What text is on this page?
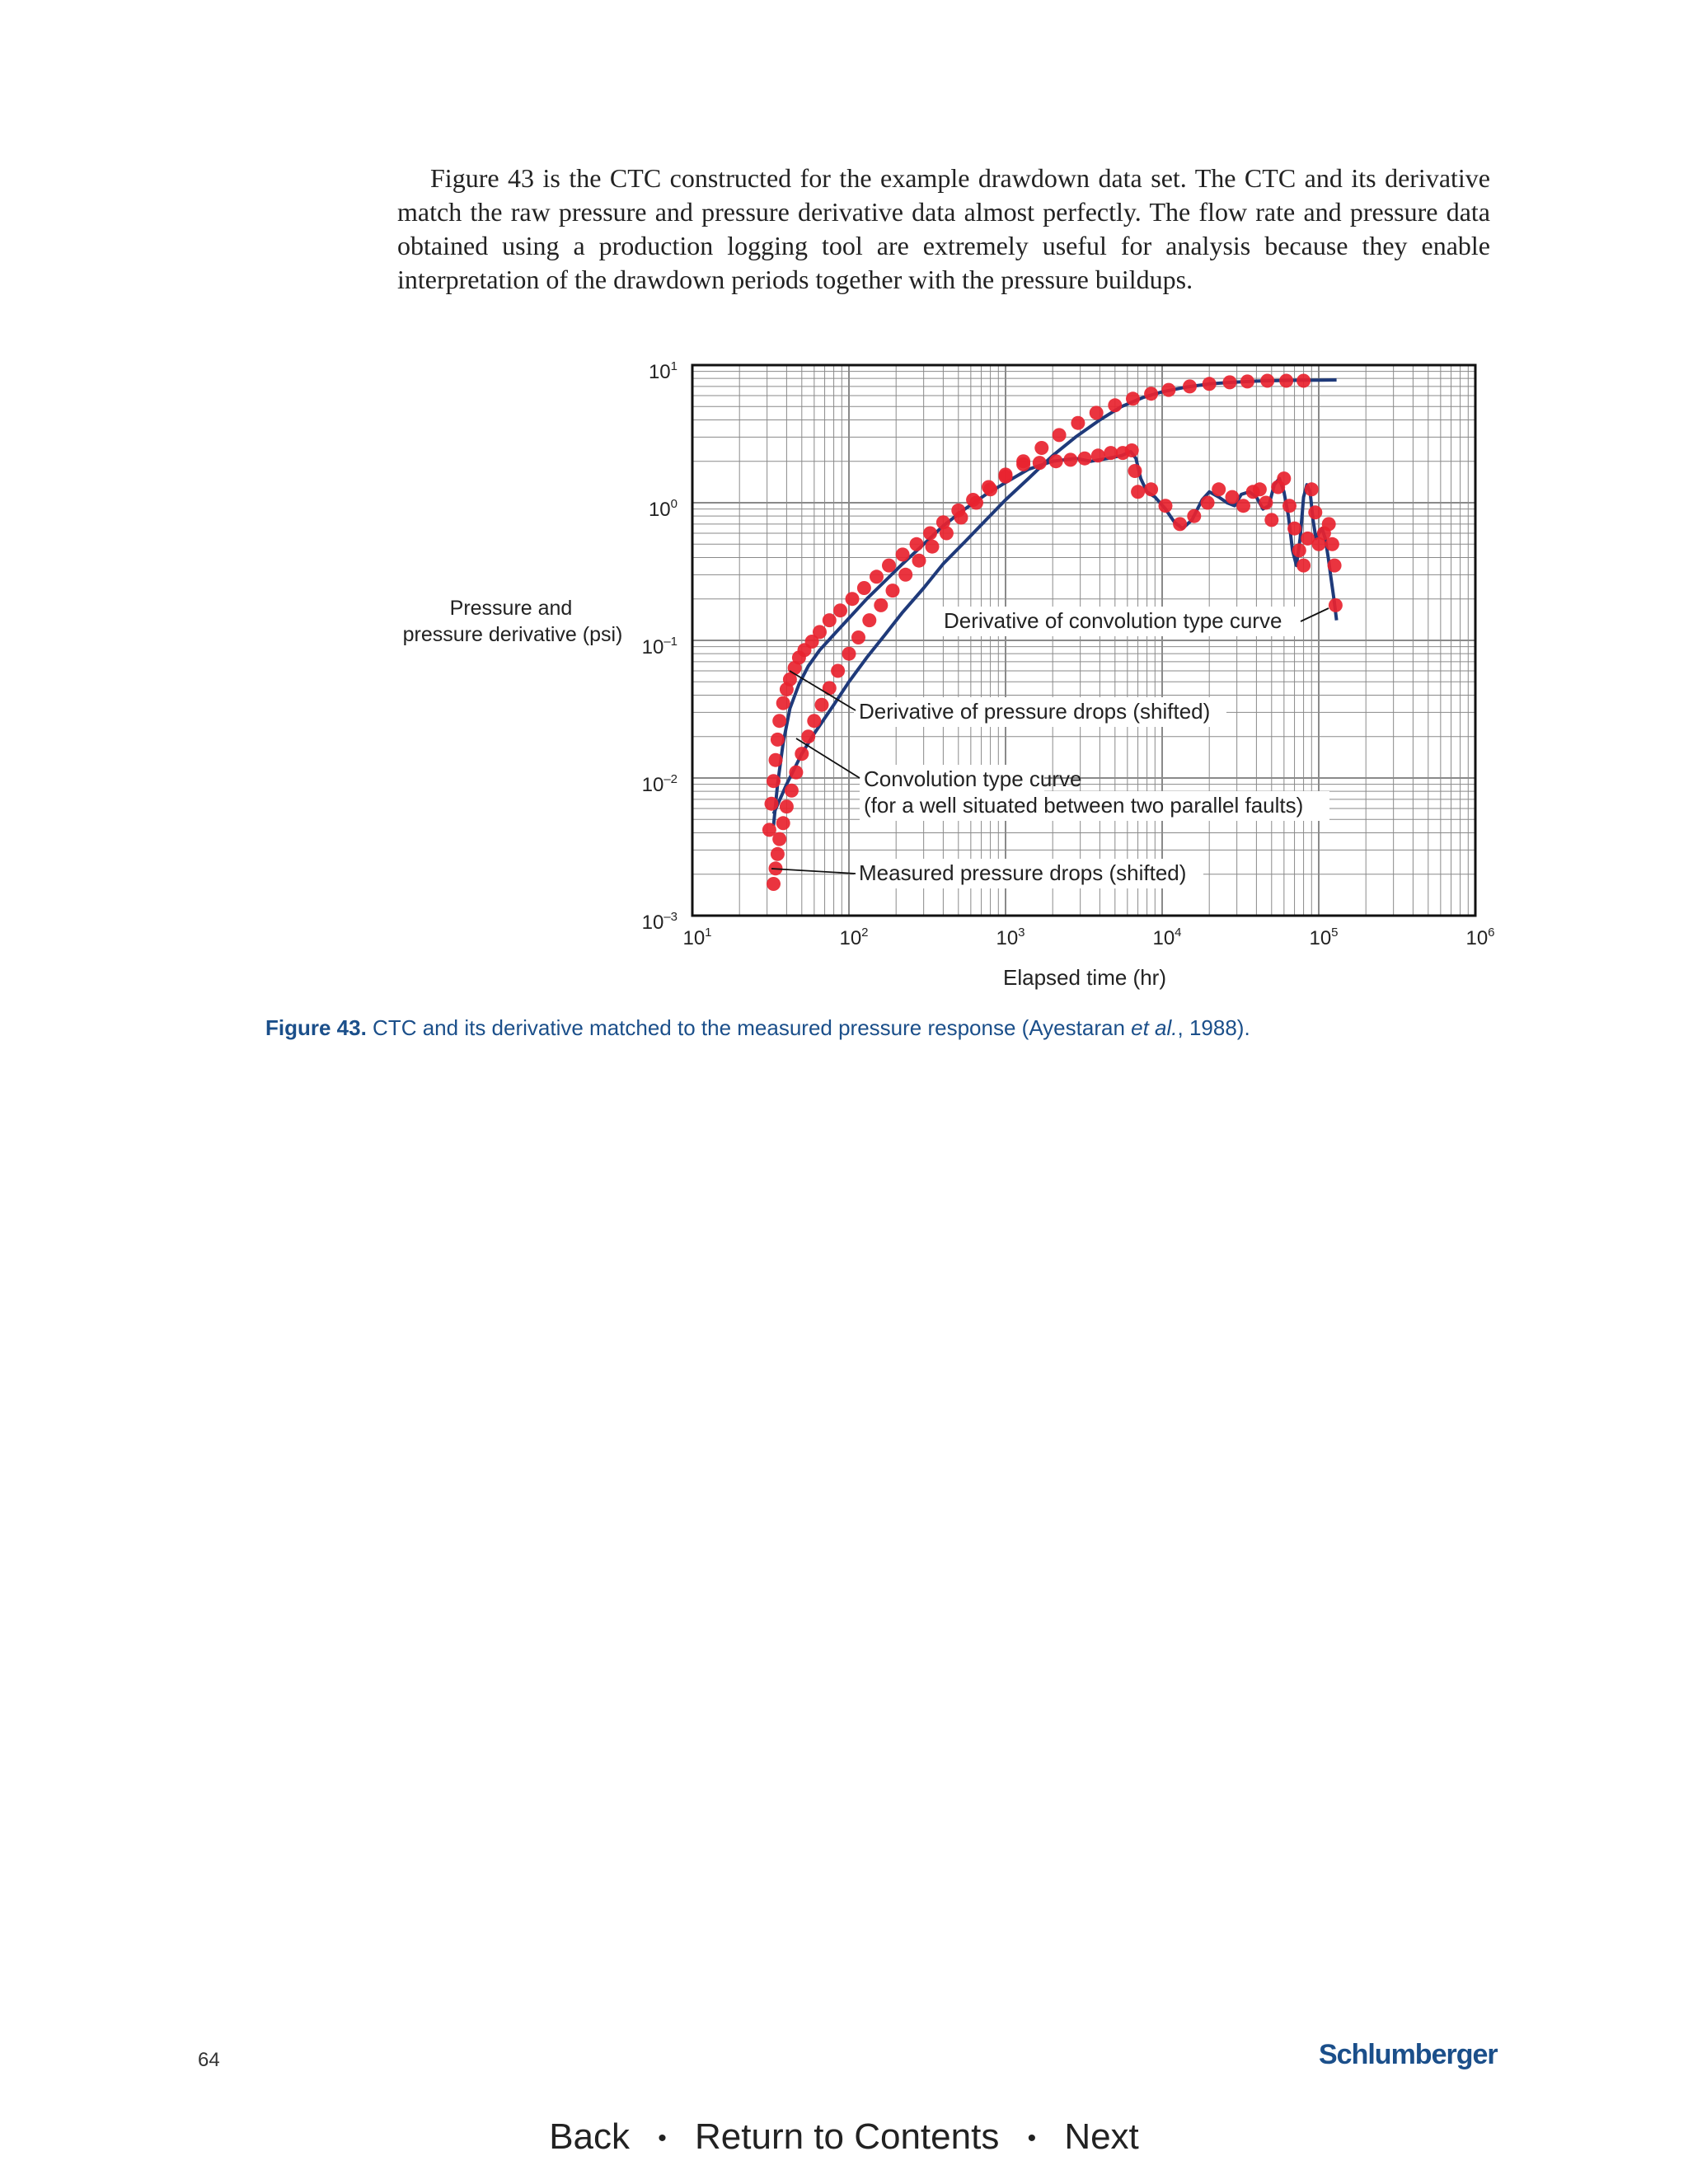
Figure 43 is the CTC constructed for the example drawdown data set. The CTC and its derivative match the raw pressure and pressure derivative data almost perfectly. The flow rate and pressure data obtained using a production logging tool are extremely useful for analysis because they enable interpretation of the drawdown periods together with the pressure buildups.

$10^1$
$10^0$
$10^{-1}$
$10^{-2}$
$10^{-3}$
$10^1$	$10^2$	$10^3$	$10^4$	$10^5$	$10^6$
Derivative of convolution type curve
Derivative of pressure drops (shifted)
Convolution type curve
(for a well situated between two parallel faults)
Measured pressure drops (shifted)
Pressure and
pressure derivative (psi)
Elapsed time (hr)
Figure 43. CTC and its derivative matched to the measured pressure response (Ayestaran et al., 1988).
64	Schlumberger
Back • Return to Contents • Next
